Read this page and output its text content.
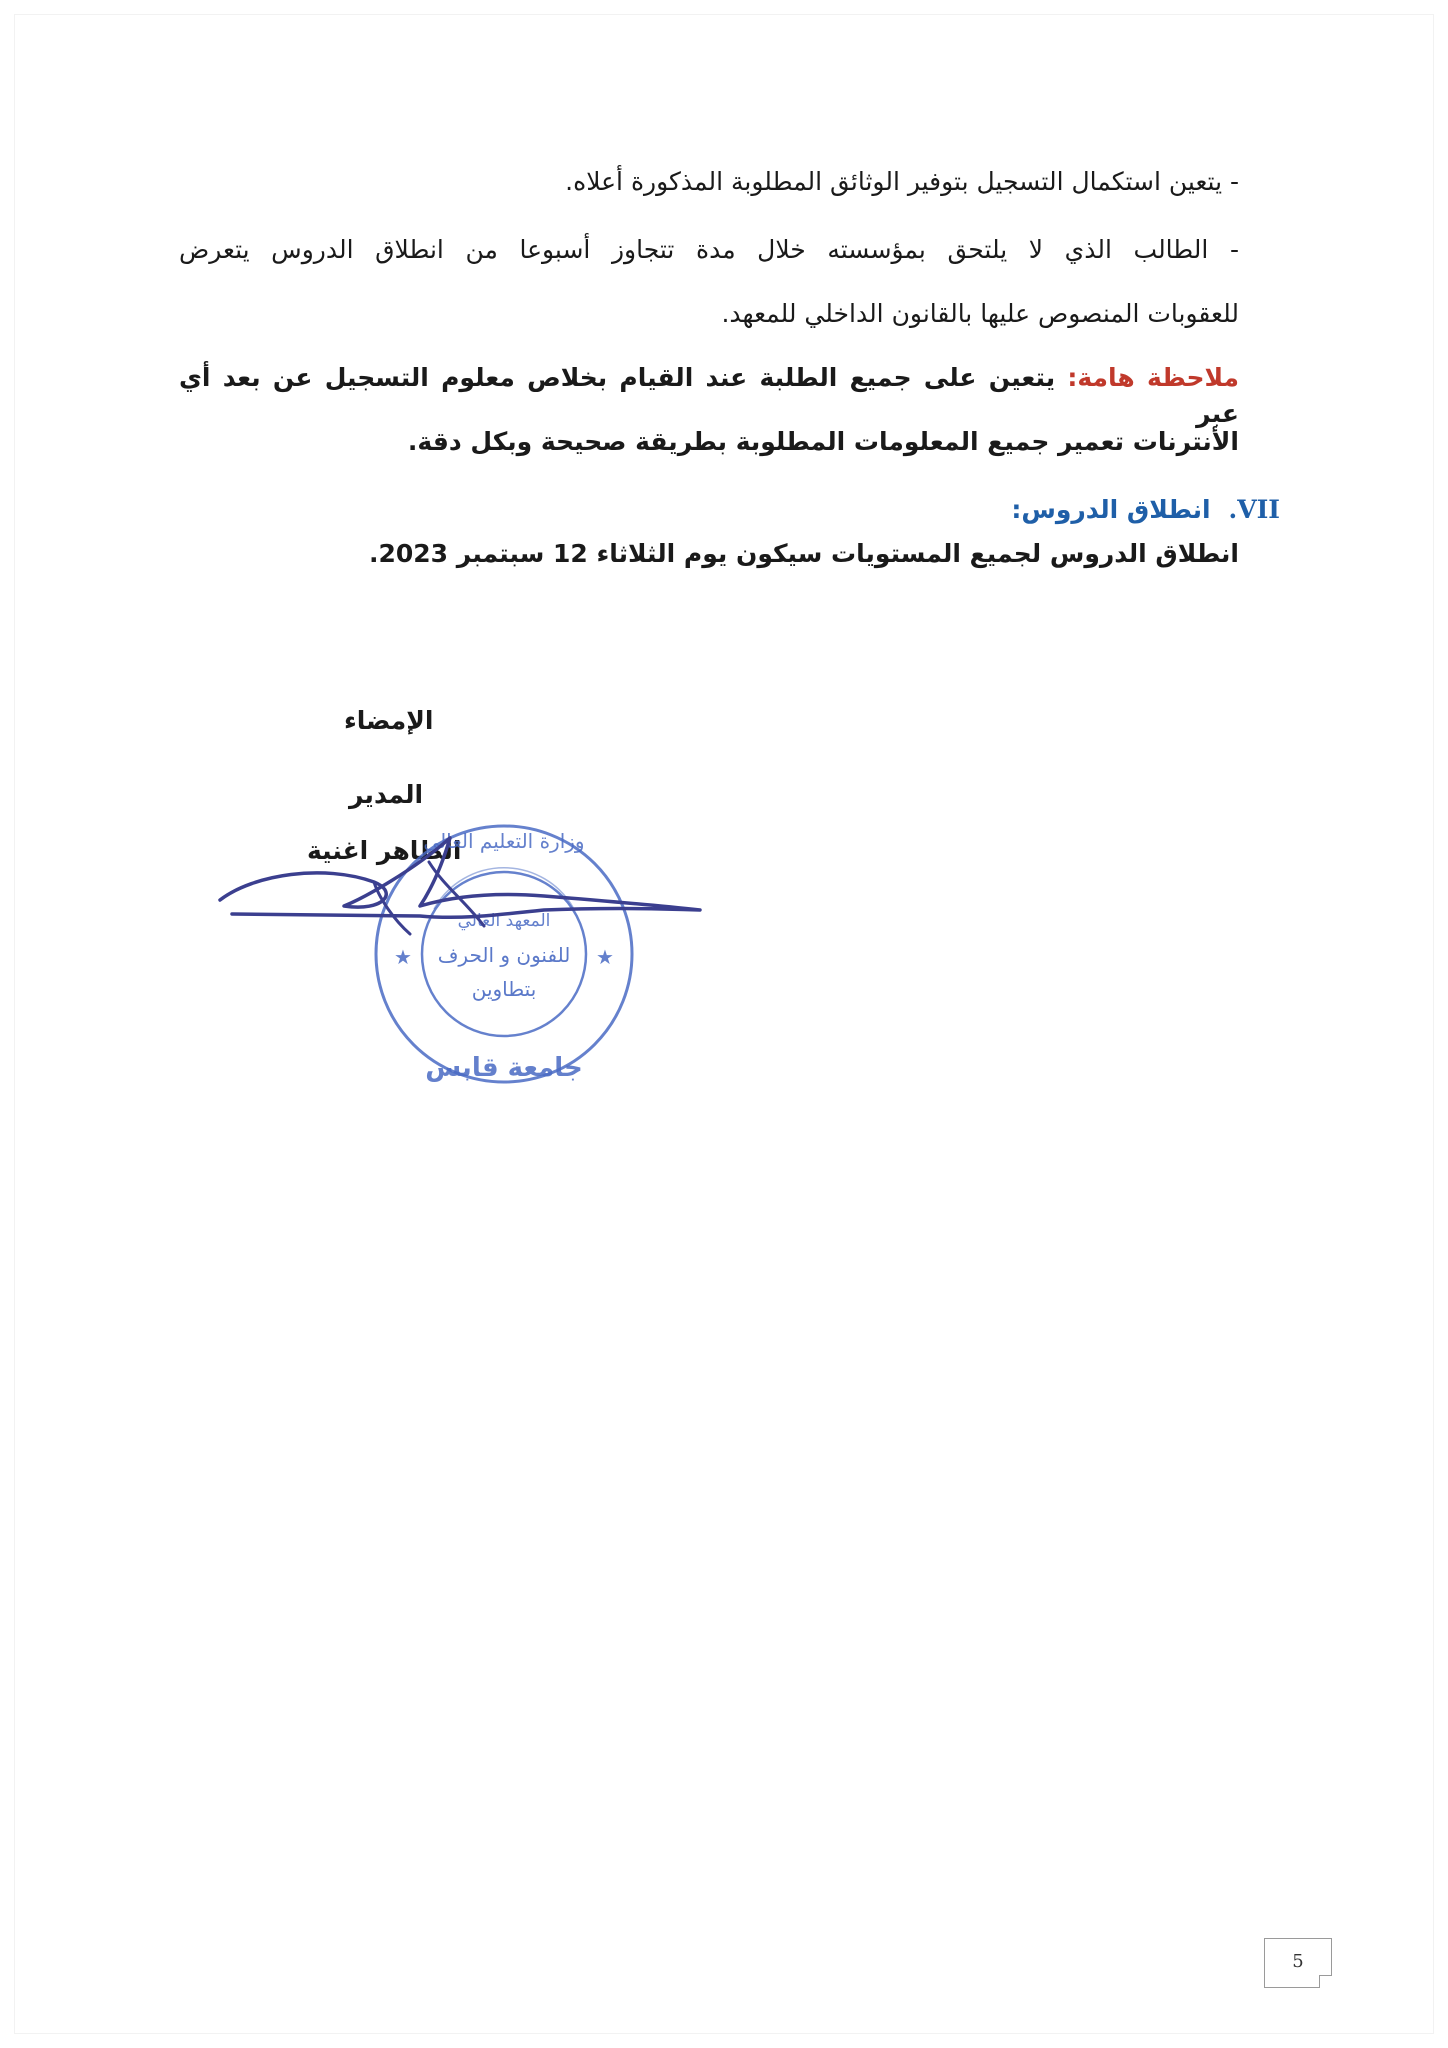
- يتعين استكمال التسجيل بتوفير الوثائق المطلوبة المذكورة أعلاه.
- الطالب الذي لا يلتحق بمؤسسته خلال مدة تتجاوز أسبوعا من انطلاق الدروس يتعرض
للعقوبات المنصوص عليها بالقانون الداخلي للمعهد.
ملاحظة هامة: يتعين على جميع الطلبة عند القيام بخلاص معلوم التسجيل عن بعد أي عبر
الأنترنات تعمير جميع المعلومات المطلوبة بطريقة صحيحة وبكل دقة.
VII. انطلاق الدروس:
انطلاق الدروس لجميع المستويات سيكون يوم الثلاثاء 12 سبتمبر 2023.
الإمضاء
المدير
الطاهر اغنية
وزارة التعليم العالي
جامعة قابس
المعهد العالي
للفنون و الحرف
بتطاوين
★	★
5
